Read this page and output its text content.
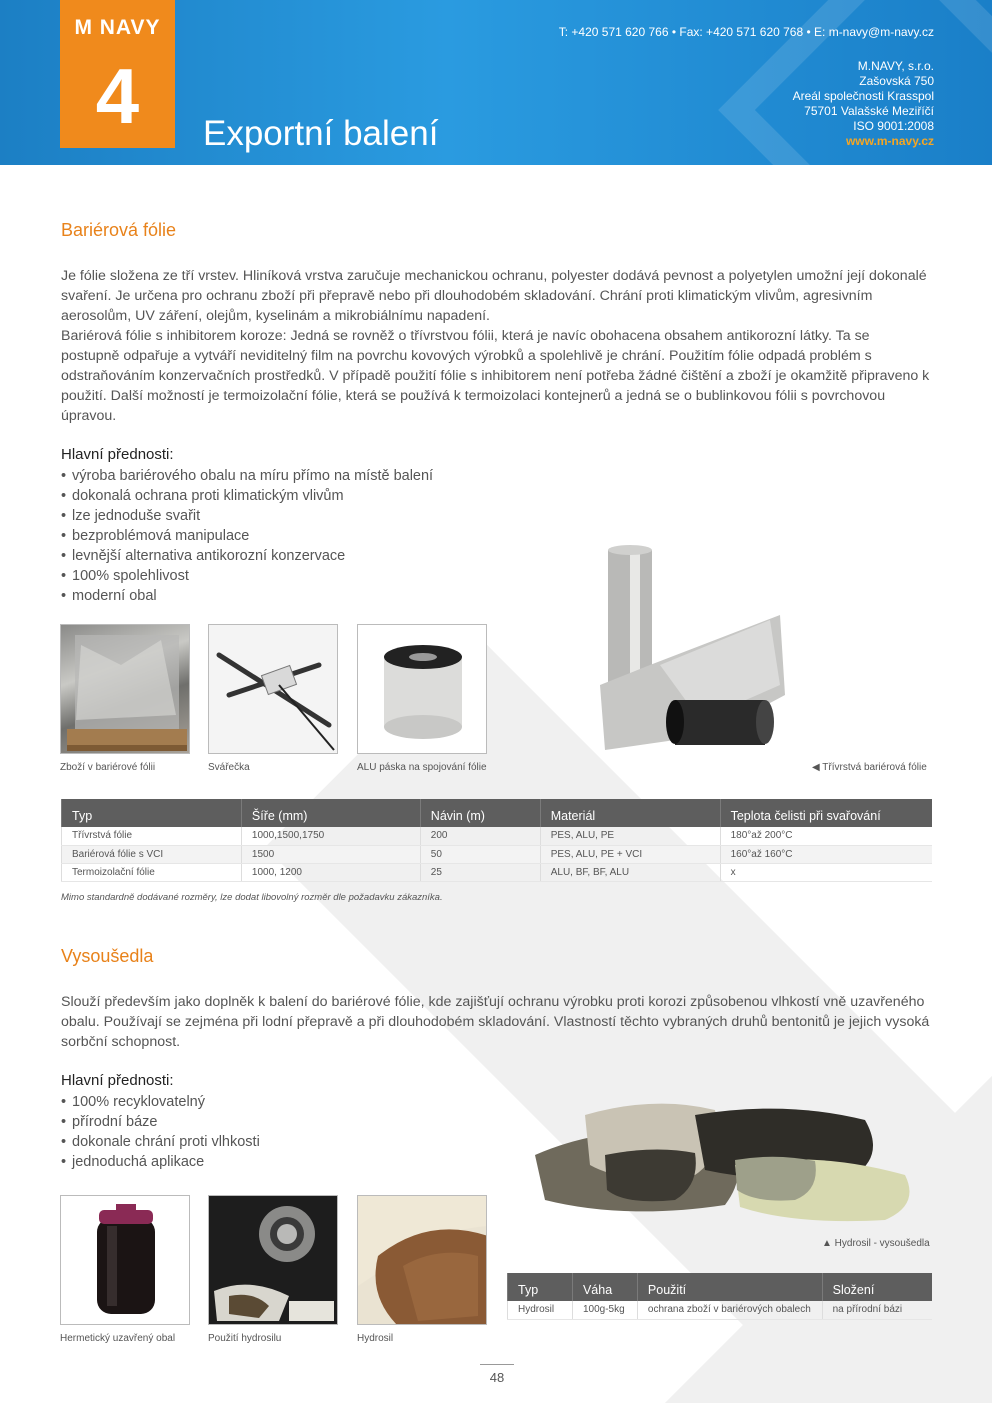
M NAVY
4	Exportní balení
T: +420 571 620 766 • Fax: +420 571 620 768 • E: m-navy@m-navy.cz
M.NAVY, s.r.o.
Zašovská 750
Areál společnosti Krasspol
75701 Valašské Meziříčí
ISO 9001:2008
www.m-navy.cz
Bariérová fólie
Je fólie složena ze tří vrstev. Hliníková vrstva zaručuje mechanickou ochranu, polyester dodává pevnost a polyetylen umožní její dokonalé svaření. Je určena pro ochranu zboží při přepravě nebo při dlouhodobém skladování. Chrání proti klimatickým vlivům, agresivním aerosolům, UV záření, olejům, kyselinám a mikrobiálnímu napadení.
Bariérová fólie s inhibitorem koroze: Jedná se rovněž o třívrstvou fólii, která je navíc obohacena obsahem antikorozní látky. Ta se postupně odpařuje a vytváří neviditelný film na povrchu kovových výrobků a spolehlivě je chrání. Použitím fólie odpadá problém s odstraňováním konzervačních prostředků. V případě použití fólie s inhibitorem není potřeba žádné čištění a zboží je okamžitě připraveno k použití. Další možností je termoizolační fólie, která se používá k termoizolaci kontejnerů a jedná se o bublinkovou fólii s povrchovou úpravou.
Hlavní přednosti:
• výroba bariérového obalu na míru přímo na místě balení
• dokonalá ochrana proti klimatickým vlivům
• lze jednoduše svařit
• bezproblémová manipulace
• levnější alternativa antikorozní konzervace
• 100% spolehlivost
• moderní obal
Zboží v bariérové fólii	Svářečka	ALU páska na spojování fólie	◀ Třívrstvá bariérová fólie
Typ	Šíře (mm)	Návin (m)	Materiál	Teplota čelisti při svařování
Třívrstvá fólie	1000,1500,1750	200	PES, ALU, PE	180°až 200°C
Bariérová fólie s VCI	1500	50	PES, ALU, PE + VCI	160°až 160°C
Termoizolační fólie	1000, 1200	25	ALU, BF, BF, ALU	x
Mimo standardně dodávané rozměry, lze dodat libovolný rozměr dle požadavku zákazníka.
Vysoušedla
Slouží především jako doplněk k balení do bariérové fólie, kde zajišťují ochranu výrobku proti korozi způsobenou vlhkostí vně uzavřeného obalu. Používají se zejména při lodní přepravě a při dlouhodobém skladování. Vlastností těchto vybraných druhů bentonitů je jejich vysoká sorbční schopnost.
Hlavní přednosti:
• 100% recyklovatelný
• přírodní báze
• dokonale chrání proti vlhkosti
• jednoduchá aplikace
▲ Hydrosil - vysoušedla
Hermetický uzavřený obal	Použití hydrosilu	Hydrosil
Typ	Váha	Použití	Složení
Hydrosil	100g-5kg	ochrana zboží v bariérových obalech	na přírodní bázi
48
